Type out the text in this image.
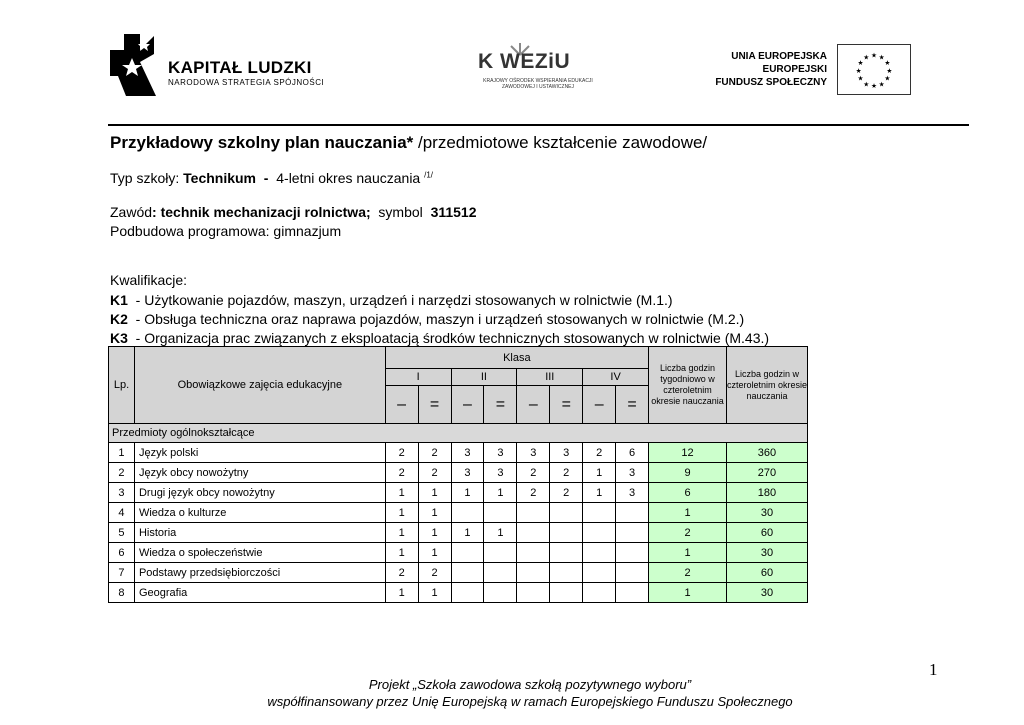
KAPITAŁ LUDZKI
NARODOWA STRATEGIA SPÓJNOŚCI
K WEZiU
KRAJOWY OŚRODEK WSPIERANIA EDUKACJI ZAWODOWEJ I USTAWICZNEJ
UNIA EUROPEJSKA
EUROPEJSKI
FUNDUSZ SPOŁECZNY
★ ★
★
★
★
★
★
★
★
★
★
★
Przykładowy szkolny plan nauczania* /przedmiotowe kształcenie zawodowe/
Typ szkoły: Technikum  -  4-letni okres nauczania $^{/1/}$
Zawód: technik mechanizacji rolnictwa;  symbol  311512
Podbudowa programowa: gimnazjum
Kwalifikacje:
K1  - Użytkowanie pojazdów, maszyn, urządzeń i narzędzi stosowanych w rolnictwie (M.1.)
K2  - Obsługa techniczna oraz naprawa pojazdów, maszyn i urządzeń stosowanych w rolnictwie (M.2.)
K3  - Organizacja prac związanych z eksploatacją środków technicznych stosowanych w rolnictwie (M.43.)
Lp.	Obowiązkowe zajęcia edukacyjne	Klasa								Liczba godzin tygodniowo w czteroletnim okresie nauczania	Liczba godzin w czteroletnim okresie nauczania
		I		II		III		IV			
		–	=	–	=	–	=	–	=		
Przedmioty ogólnokształcące											
1	Język polski	2	2	3	3	3	3	2	6	12	360
2	Język obcy nowożytny	2	2	3	3	2	2	1	3	9	270
3	Drugi język obcy nowożytny	1	1	1	1	2	2	1	3	6	180
4	Wiedza o kulturze	1	1							1	30
5	Historia	1	1	1	1					2	60
6	Wiedza o społeczeństwie	1	1							1	30
7	Podstawy przedsiębiorczości	2	2							2	60
8	Geografia	1	1							1	30
1
Projekt „Szkoła zawodowa szkołą pozytywnego wyboru”
współfinansowany przez Unię Europejską w ramach Europejskiego Funduszu Społecznego
